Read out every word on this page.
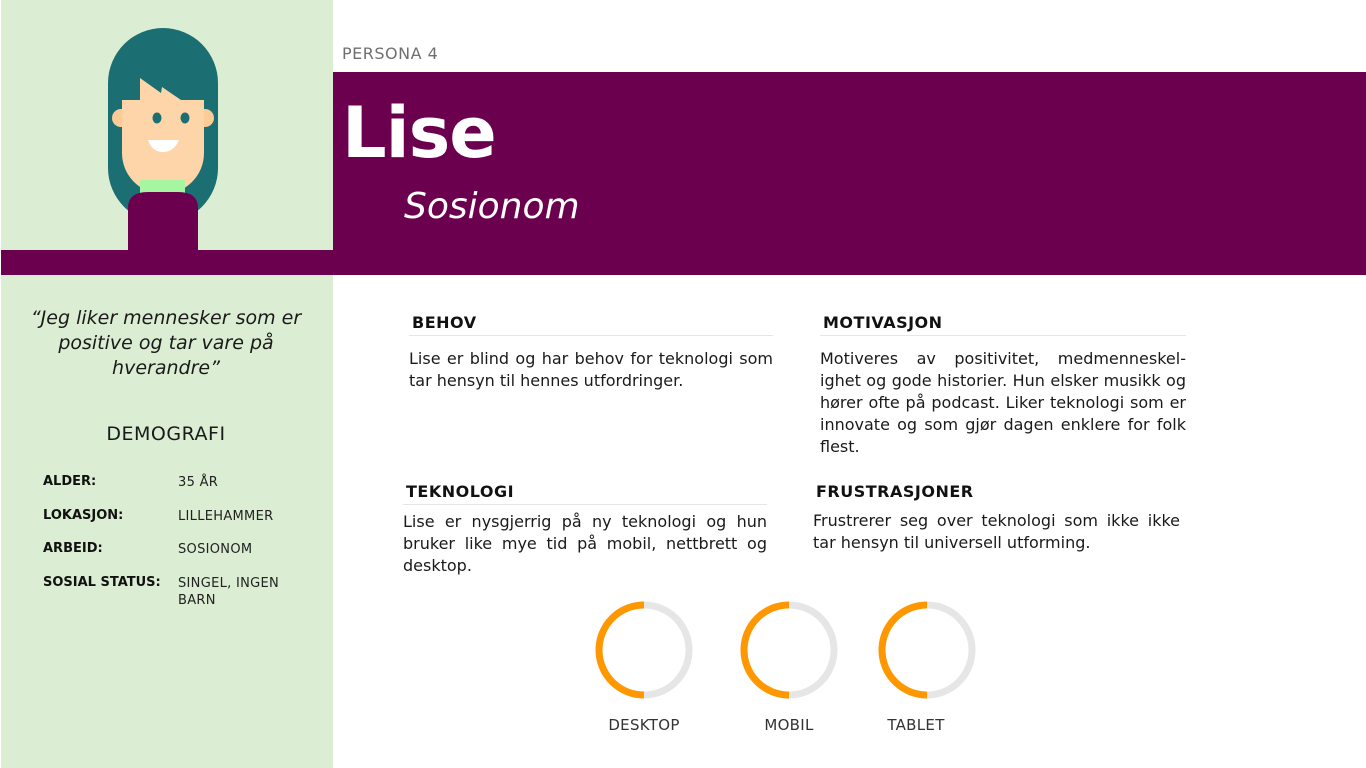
PERSONA 4
Lise
Sosionom
“Jeg liker mennesker som er positive og tar vare på hverandre”
DEMOGRAFI
ALDER:	35 ÅR
LOKASJON:	LILLEHAMMER
ARBEID:	SOSIONOM
SOSIAL STATUS:	SINGEL, INGEN BARN
BEHOV
Lise er blind og har behov for teknologi som tar hensyn til hennes utfordringer.
MOTIVASJON
Motiveres av positivitet, medmenneskel-ighet og gode historier. Hun elsker musikk og hører ofte på podcast. Liker teknologi som er innovate og som gjør dagen enklere for folk flest.
TEKNOLOGI
Lise er nysgjerrig på ny teknologi og hun bruker like mye tid på mobil, nettbrett og desktop.
FRUSTRASJONER
Frustrerer seg over teknologi som ikke ikke tar hensyn til universell utforming.
DESKTOP	MOBIL	TABLET
